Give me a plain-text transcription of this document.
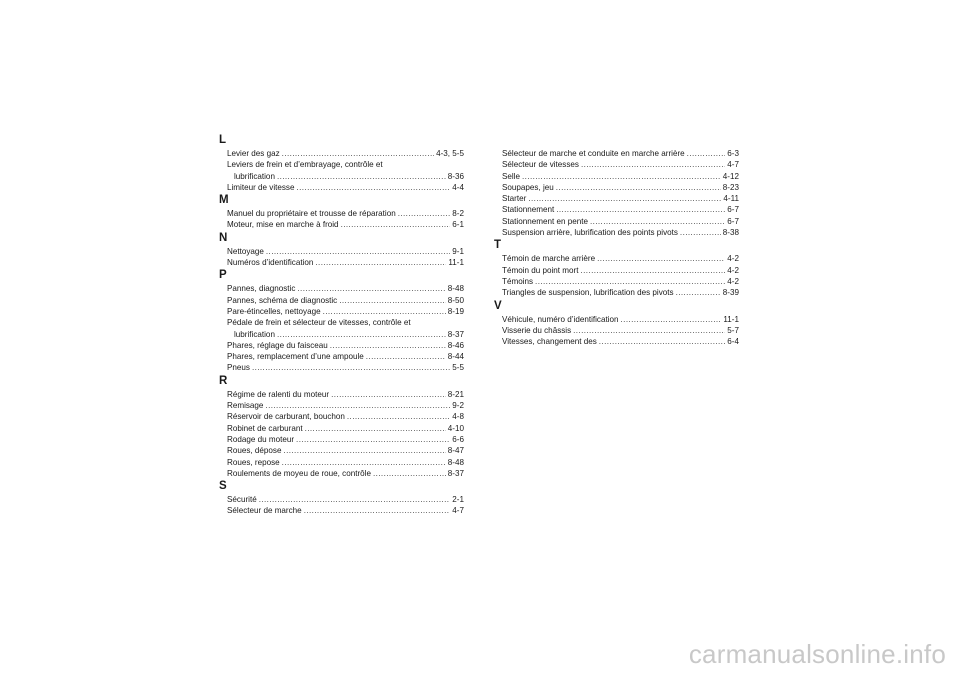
L
Levier des gaz .....	4-3, 5-5
Leviers de frein et d’embrayage, contrôle et
lubrification .....	8-36
Limiteur de vitesse .....	4-4
M
Manuel du propriétaire et trousse de réparation .....	8-2
Moteur, mise en marche à froid .....	6-1
N
Nettoyage .....	9-1
Numéros d’identification .....	11-1
P
Pannes, diagnostic .....	8-48
Pannes, schéma de diagnostic .....	8-50
Pare-étincelles, nettoyage .....	8-19
Pédale de frein et sélecteur de vitesses, contrôle et
lubrification .....	8-37
Phares, réglage du faisceau .....	8-46
Phares, remplacement d’une ampoule .....	8-44
Pneus .....	5-5
R
Régime de ralenti du moteur .....	8-21
Remisage .....	9-2
Réservoir de carburant, bouchon .....	4-8
Robinet de carburant .....	4-10
Rodage du moteur .....	6-6
Roues, dépose .....	8-47
Roues, repose .....	8-48
Roulements de moyeu de roue, contrôle .....	8-37
S
Sécurité .....	2-1
Sélecteur de marche .....	4-7
Sélecteur de marche et conduite en marche arrière .....	6-3
Sélecteur de vitesses .....	4-7
Selle .....	4-12
Soupapes, jeu .....	8-23
Starter .....	4-11
Stationnement .....	6-7
Stationnement en pente .....	6-7
Suspension arrière, lubrification des points pivots .....	8-38
T
Témoin de marche arrière .....	4-2
Témoin du point mort .....	4-2
Témoins .....	4-2
Triangles de suspension, lubrification des pivots .....	8-39
V
Véhicule, numéro d’identification .....	11-1
Visserie du châssis .....	5-7
Vitesses, changement des .....	6-4
carmanualsonline.info
